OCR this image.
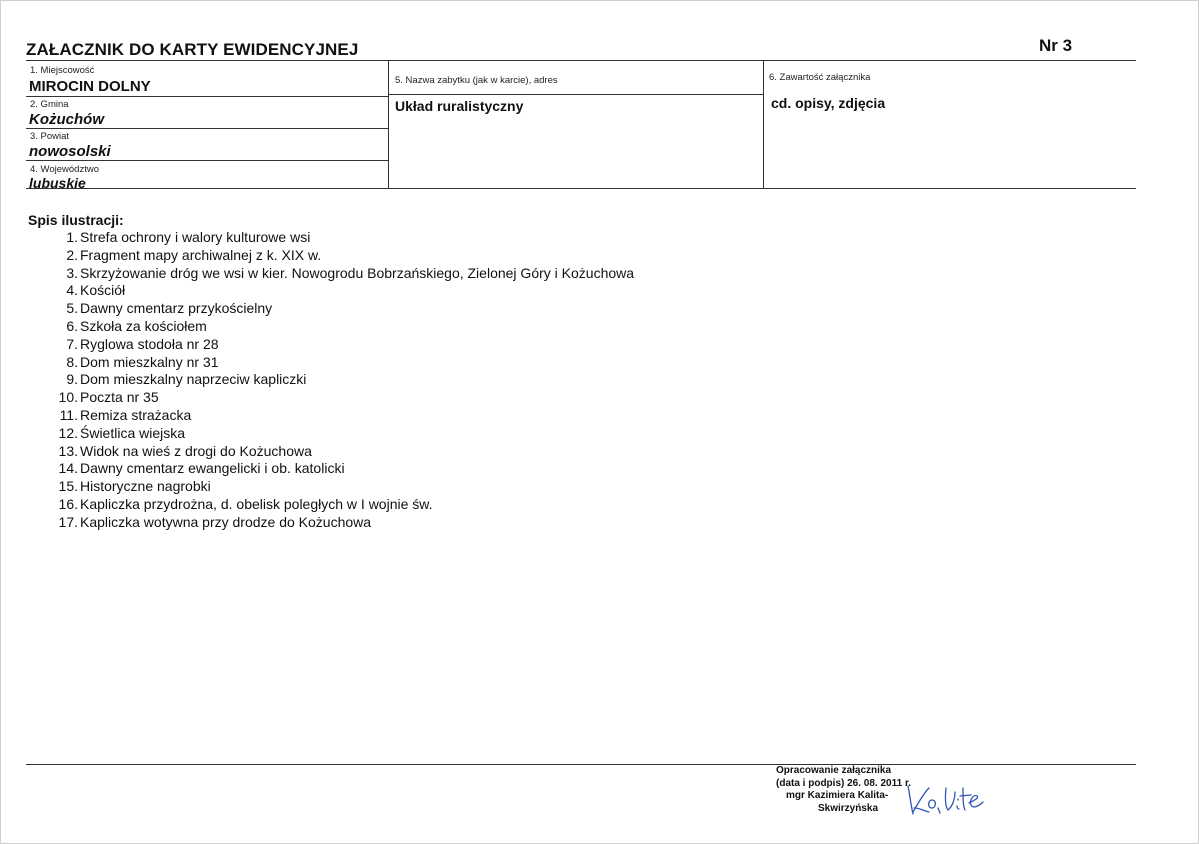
ZAŁACZNIK DO KARTY EWIDENCYJNEJ	Nr 3
1. Miejscowość
MIROCIN DOLNY
2. Gmina
Kożuchów
3. Powiat
nowosolski
4. Województwo
lubuskie
5. Nazwa zabytku (jak w karcie), adres
Układ ruralistyczny
6. Zawartość załącznika
cd. opisy, zdjęcia
Spis ilustracji:
1. Strefa ochrony i walory kulturowe wsi
2. Fragment mapy archiwalnej z k. XIX w.
3. Skrzyżowanie dróg we wsi w kier. Nowogrodu Bobrzańskiego, Zielonej Góry i Kożuchowa
4. Kościół
5. Dawny cmentarz przykościelny
6. Szkoła za kościołem
7. Ryglowa stodoła nr 28
8. Dom mieszkalny nr 31
9. Dom mieszkalny naprzeciw kapliczki
10. Poczta nr 35
11. Remiza strażacka
12. Świetlica wiejska
13. Widok na wieś z drogi do Kożuchowa
14. Dawny cmentarz ewangelicki i ob. katolicki
15. Historyczne nagrobki
16. Kapliczka przydrożna, d. obelisk poległych w I wojnie św.
17. Kapliczka wotywna przy drodze do Kożuchowa
Opracowanie załącznika
(data i podpis) 26. 08. 2011 r.
mgr Kazimiera Kalita-
Skwirzyńska
